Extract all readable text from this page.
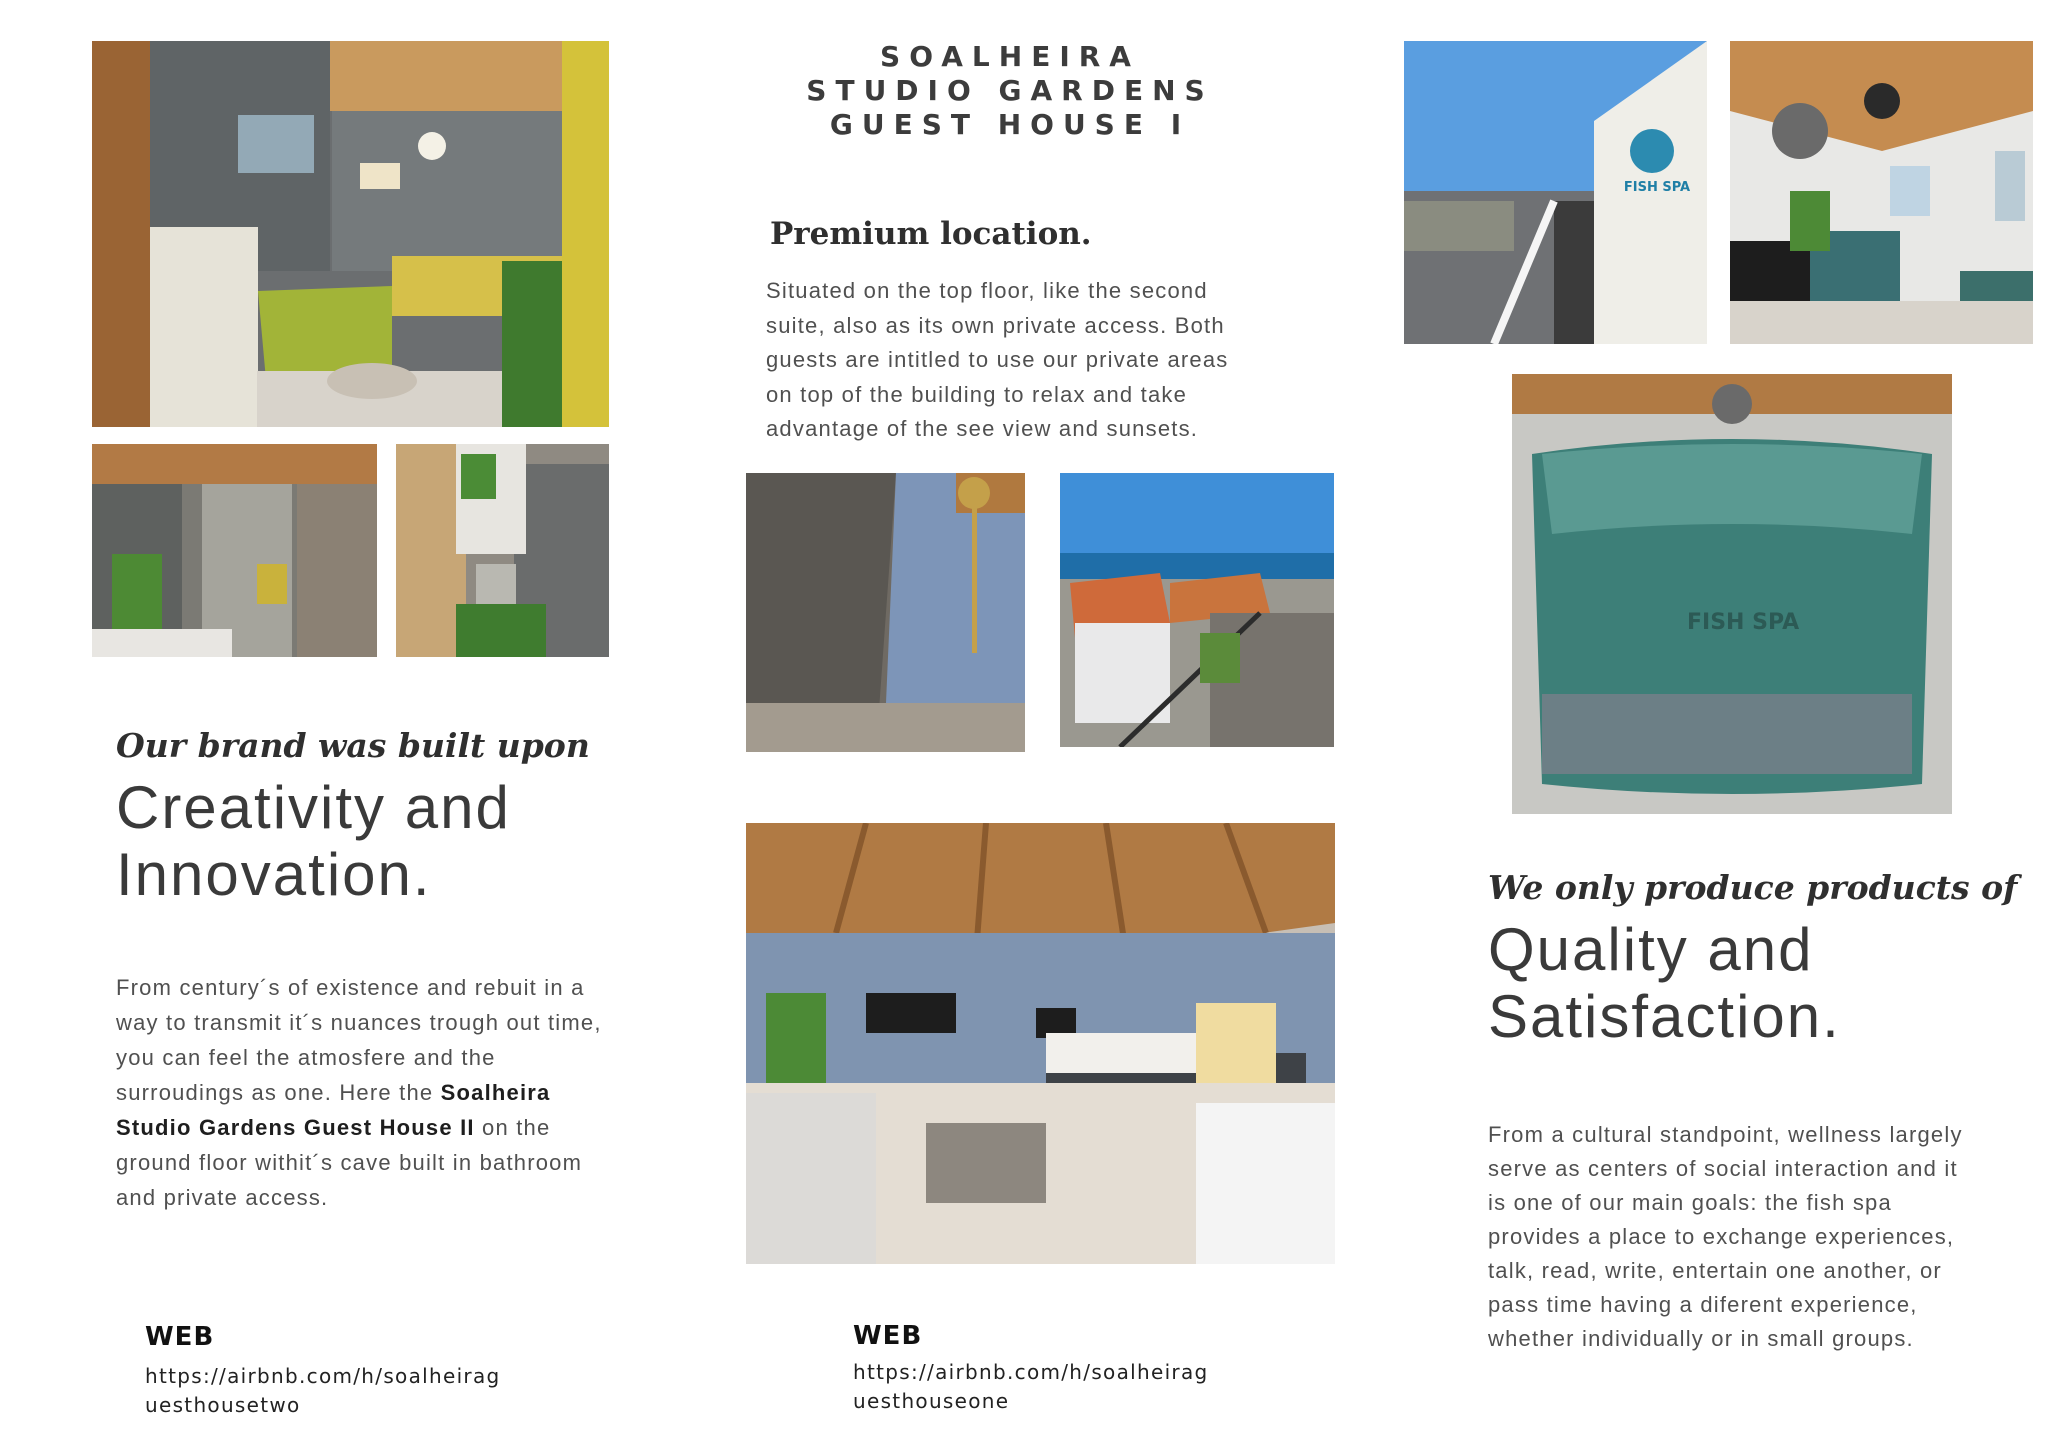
SOALHEIRA
STUDIO GARDENS
GUEST HOUSE I
FISH SPA
FISH SPA
Premium location.
Situated on the top floor, like the second
suite, also as its own private access. Both
guests are intitled to use our private areas
on top of the building to relax and take
advantage of the see view and sunsets.
Our brand was built upon
Creativity and
Innovation.
From century´s of existence and rebuit in a
way to transmit it´s nuances trough out time,
you can feel the atmosfere and the
surroudings as one. Here the Soalheira
Studio Gardens Guest House II on the
ground floor withit´s cave built in bathroom
and private access.
We only produce products of
Quality and
Satisfaction.
From a cultural standpoint, wellness largely
serve as centers of social interaction and it
is one of our main goals: the fish spa
provides a place to exchange experiences,
talk, read, write, entertain one another, or
pass time having a diferent experience,
whether individually or in small groups.
WEB
https://airbnb.com/h/soalheirag
uesthousetwo
WEB
https://airbnb.com/h/soalheirag
uesthouseone
